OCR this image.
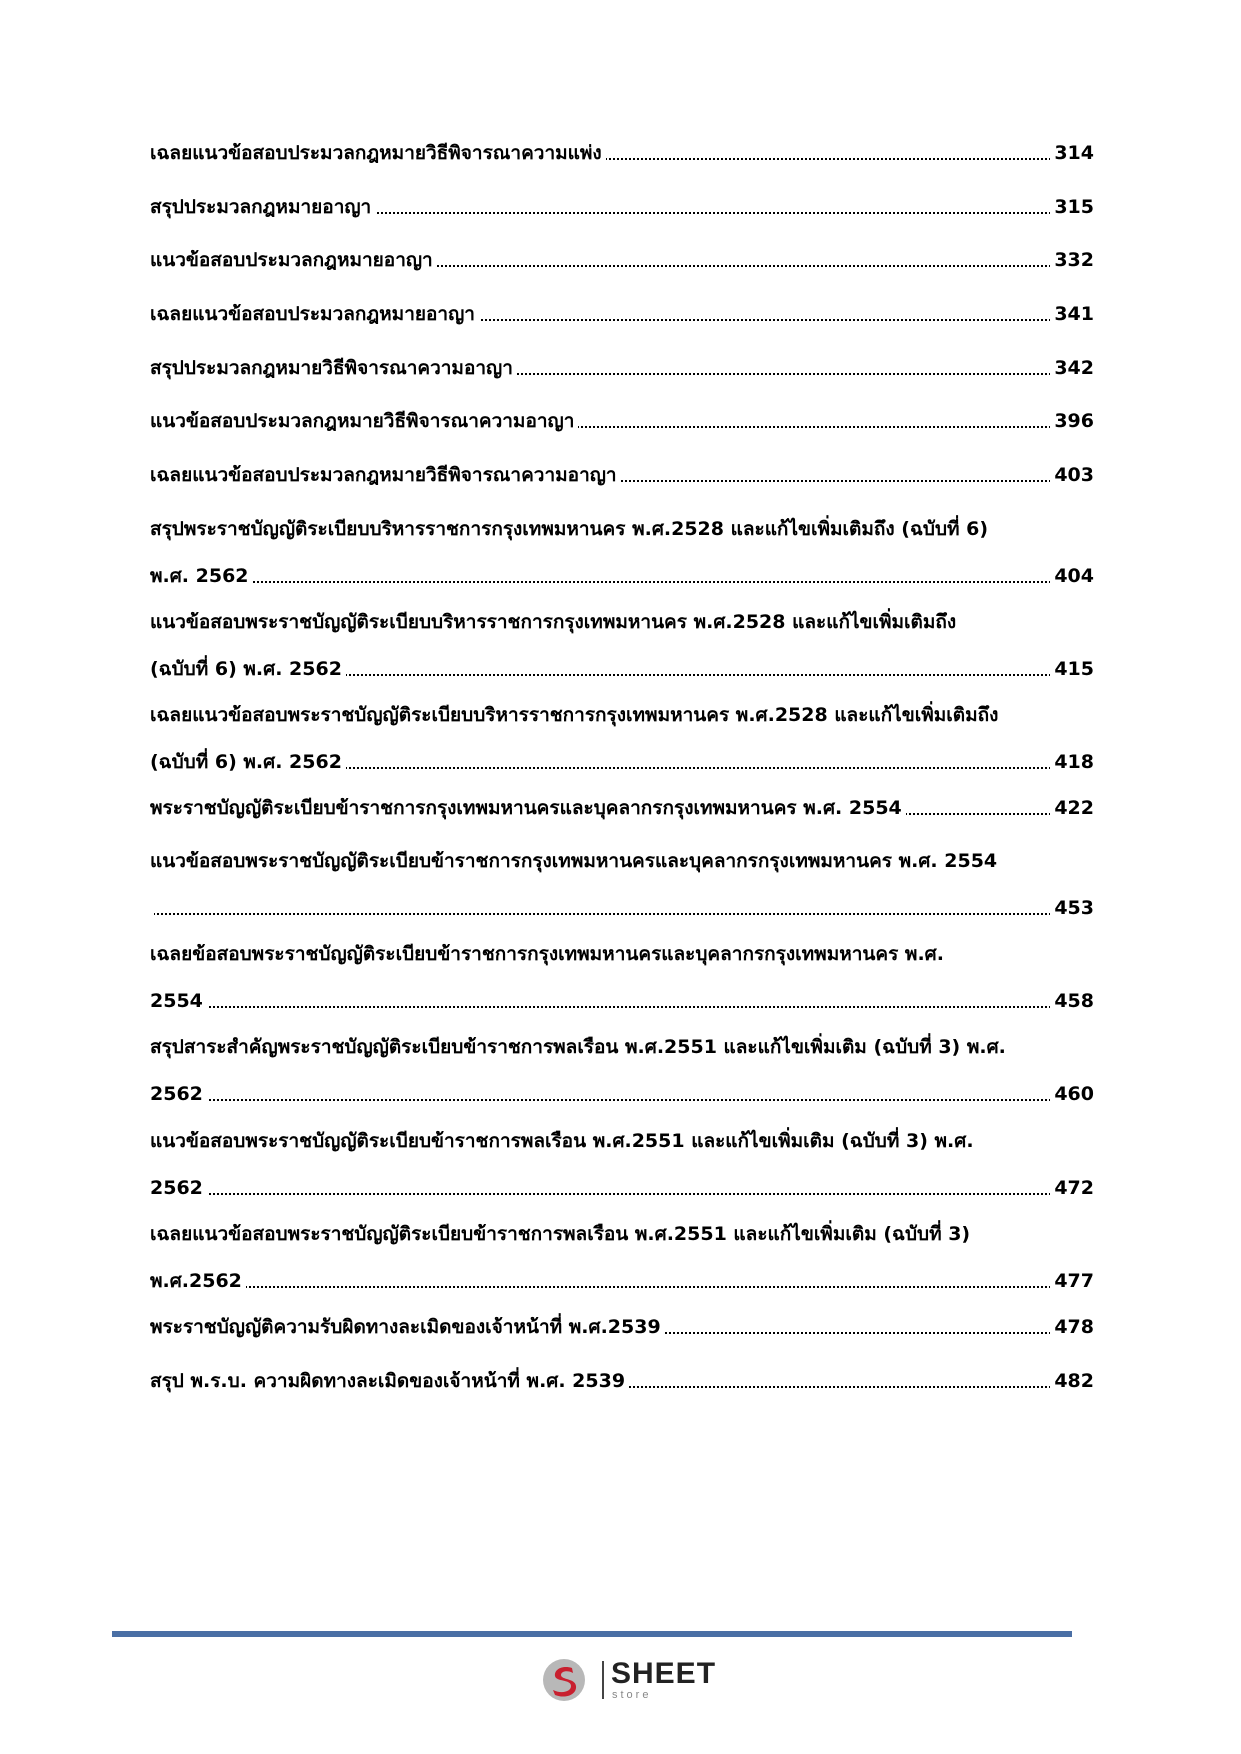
เฉลยแนวข้อสอบประมวลกฎหมายวิธีพิจารณาความแพ่ง	314
สรุปประมวลกฎหมายอาญา	315
แนวข้อสอบประมวลกฎหมายอาญา	332
เฉลยแนวข้อสอบประมวลกฎหมายอาญา	341
สรุปประมวลกฎหมายวิธีพิจารณาความอาญา	342
แนวข้อสอบประมวลกฎหมายวิธีพิจารณาความอาญา	396
เฉลยแนวข้อสอบประมวลกฎหมายวิธีพิจารณาความอาญา	403
สรุปพระราชบัญญัติระเบียบบริหารราชการกรุงเทพมหานคร พ.ศ.2528 และแก้ไขเพิ่มเติมถึง (ฉบับที่ 6)
พ.ศ. 2562	404
แนวข้อสอบพระราชบัญญัติระเบียบบริหารราชการกรุงเทพมหานคร พ.ศ.2528 และแก้ไขเพิ่มเติมถึง
(ฉบับที่ 6) พ.ศ. 2562	415
เฉลยแนวข้อสอบพระราชบัญญัติระเบียบบริหารราชการกรุงเทพมหานคร พ.ศ.2528 และแก้ไขเพิ่มเติมถึง
(ฉบับที่ 6) พ.ศ. 2562	418
พระราชบัญญัติระเบียบข้าราชการกรุงเทพมหานครและบุคลากรกรุงเทพมหานคร พ.ศ. 2554	422
แนวข้อสอบพระราชบัญญัติระเบียบข้าราชการกรุงเทพมหานครและบุคลากรกรุงเทพมหานคร พ.ศ. 2554
453
เฉลยข้อสอบพระราชบัญญัติระเบียบข้าราชการกรุงเทพมหานครและบุคลากรกรุงเทพมหานคร พ.ศ.
2554	458
สรุปสาระสำคัญพระราชบัญญัติระเบียบข้าราชการพลเรือน พ.ศ.2551 และแก้ไขเพิ่มเติม (ฉบับที่ 3) พ.ศ.
2562	460
แนวข้อสอบพระราชบัญญัติระเบียบข้าราชการพลเรือน พ.ศ.2551 และแก้ไขเพิ่มเติม (ฉบับที่ 3) พ.ศ.
2562	472
เฉลยแนวข้อสอบพระราชบัญญัติระเบียบข้าราชการพลเรือน พ.ศ.2551 และแก้ไขเพิ่มเติม (ฉบับที่ 3)
พ.ศ.2562	477
พระราชบัญญัติความรับผิดทางละเมิดของเจ้าหน้าที่ พ.ศ.2539	478
สรุป พ.ร.บ. ความผิดทางละเมิดของเจ้าหน้าที่ พ.ศ. 2539	482
SHEET
store
